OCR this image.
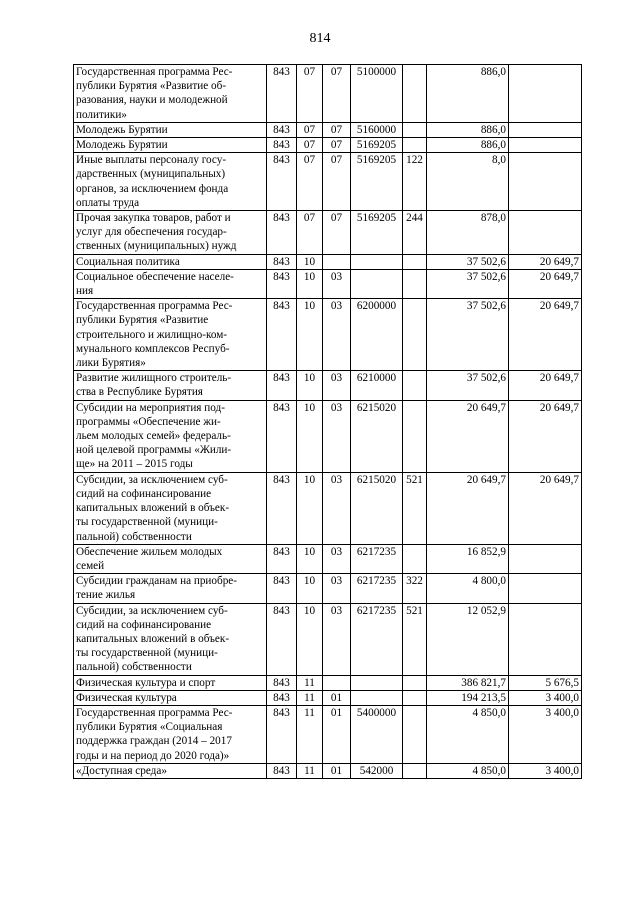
814
Государственная программа Рес-
публики Бурятия «Развитие об-
разования, науки и молодежной
политики»	843	07	07	5100000		886,0	
Молодежь Бурятии	843	07	07	5160000		886,0	
Молодежь Бурятии	843	07	07	5169205		886,0	
Иные выплаты персоналу госу-
дарственных (муниципальных)
органов, за исключением фонда
оплаты труда	843	07	07	5169205	122	8,0	
Прочая закупка товаров, работ и
услуг для обеспечения государ-
ственных (муниципальных) нужд	843	07	07	5169205	244	878,0	
Социальная политика	843	10				37 502,6	20 649,7
Социальное обеспечение населе-
ния	843	10	03			37 502,6	20 649,7
Государственная программа Рес-
публики Бурятия «Развитие
строительного и жилищно-ком-
мунального комплексов Респуб-
лики Бурятия»	843	10	03	6200000		37 502,6	20 649,7
Развитие жилищного строитель-
ства в Республике Бурятия	843	10	03	6210000		37 502,6	20 649,7
Субсидии на мероприятия под-
программы «Обеспечение жи-
льем молодых семей» федераль-
ной целевой программы «Жили-
ще» на 2011 – 2015 годы	843	10	03	6215020		20 649,7	20 649,7
Субсидии, за исключением суб-
сидий на софинансирование
капитальных вложений в объек-
ты государственной (муници-
пальной) собственности	843	10	03	6215020	521	20 649,7	20 649,7
Обеспечение жильем молодых
семей	843	10	03	6217235		16 852,9	
Субсидии гражданам на приобре-
тение жилья	843	10	03	6217235	322	4 800,0	
Субсидии, за исключением суб-
сидий на софинансирование
капитальных вложений в объек-
ты государственной (муници-
пальной) собственности	843	10	03	6217235	521	12 052,9	
Физическая культура и спорт	843	11				386 821,7	5 676,5
Физическая культура	843	11	01			194 213,5	3 400,0
Государственная программа Рес-
публики Бурятия «Социальная
поддержка граждан (2014 – 2017
годы и на период до 2020 года)»	843	11	01	5400000		4 850,0	3 400,0
«Доступная среда»	843	11	01	542000		4 850,0	3 400,0
